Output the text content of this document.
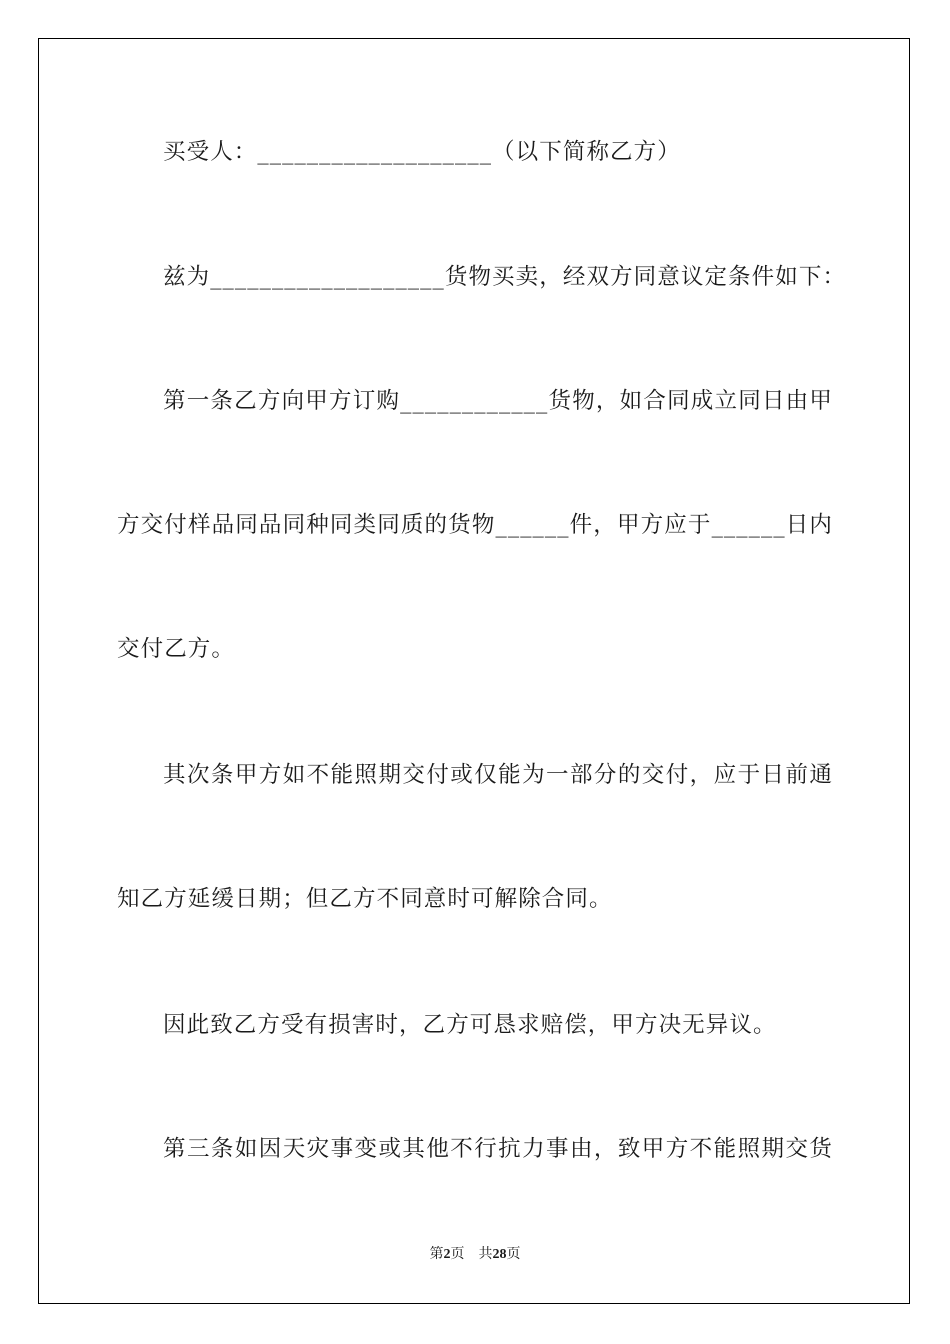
买受人：___________________（以下简称乙方）
兹为___________________货物买卖，经双方同意议定条件如下：
第一条乙方向甲方订购____________货物，如合同成立同日由甲
方交付样品同品同种同类同质的货物______件，甲方应于______日内
交付乙方。
其次条甲方如不能照期交付或仅能为一部分的交付，应于日前通
知乙方延缓日期；但乙方不同意时可解除合同。
因此致乙方受有损害时，乙方可恳求赔偿，甲方决无异议。
第三条如因天灾事变或其他不行抗力事由，致甲方不能照期交货
第2页　共28页
